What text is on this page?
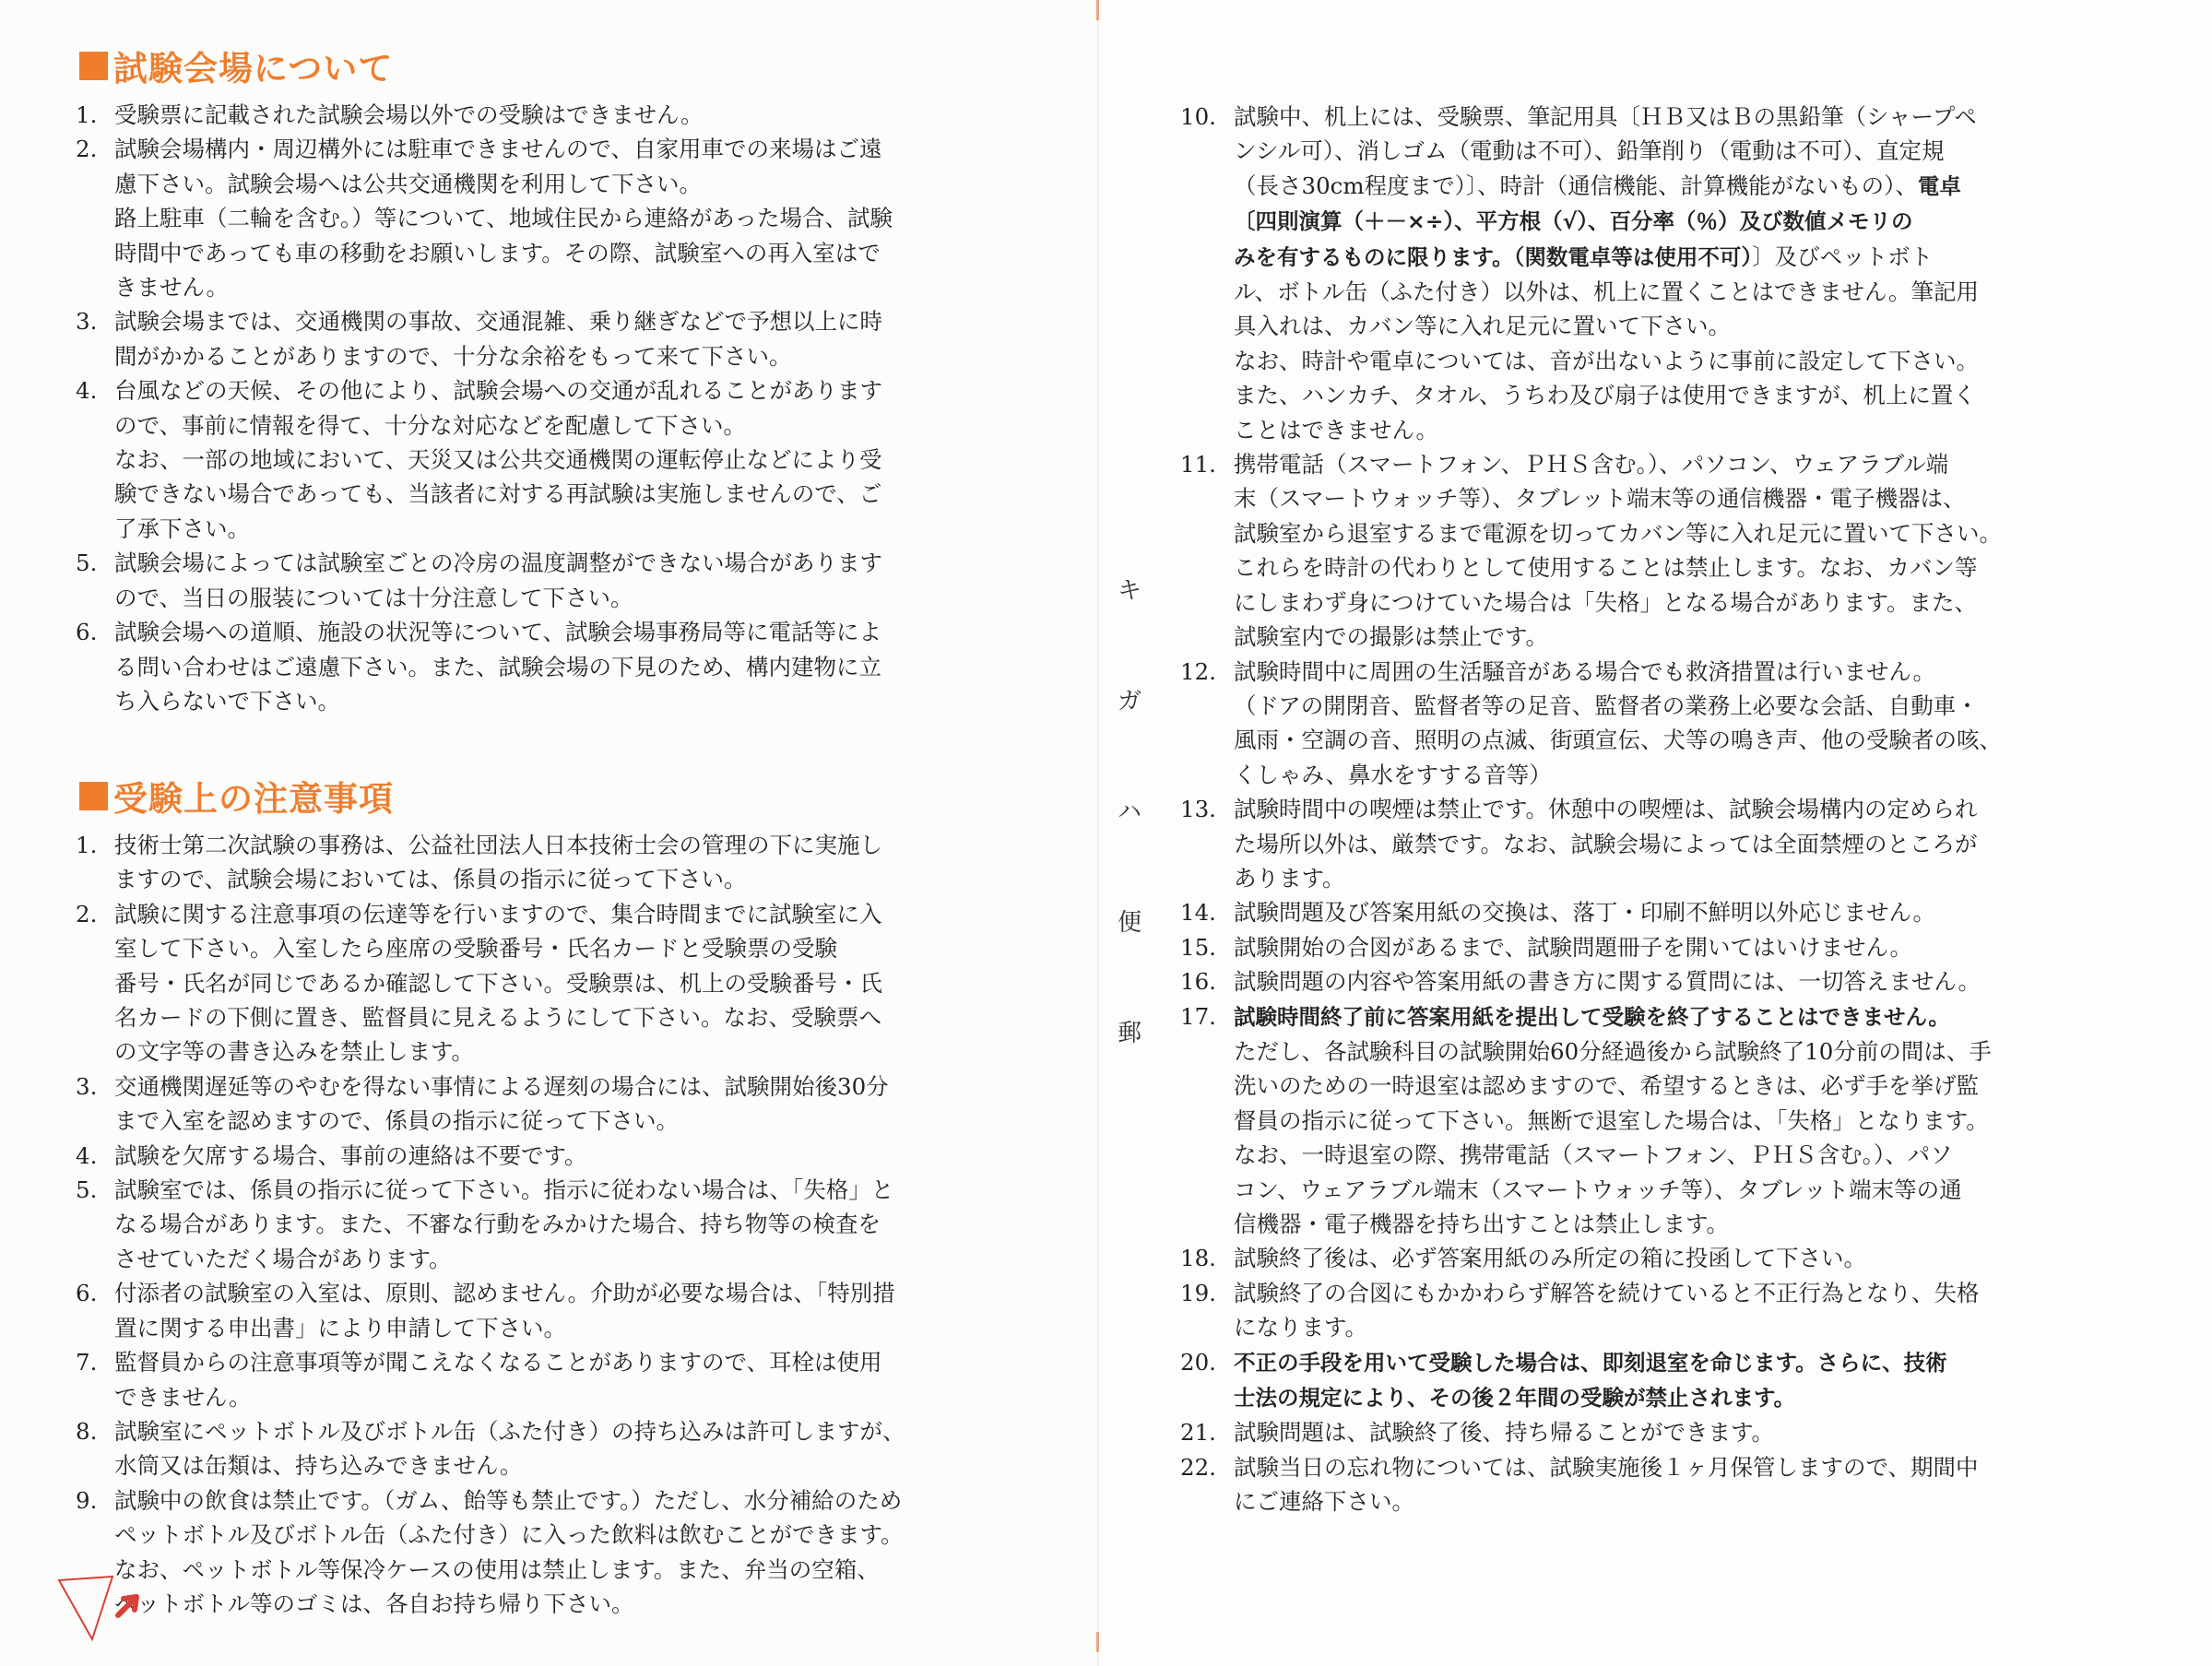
試験会場について
1. 受験票に記載された試験会場以外での受験はできません。
2. 試験会場構内・周辺構外には駐車できませんので、自家用車での来場はご遠
慮下さい。試験会場へは公共交通機関を利用して下さい。
路上駐車（二輪を含む。）等について、地域住民から連絡があった場合、試験
時間中であっても車の移動をお願いします。その際、試験室への再入室はで
きません。
3. 試験会場までは、交通機関の事故、交通混雑、乗り継ぎなどで予想以上に時
間がかかることがありますので、十分な余裕をもって来て下さい。
4. 台風などの天候、その他により、試験会場への交通が乱れることがあります
ので、事前に情報を得て、十分な対応などを配慮して下さい。
なお、一部の地域において、天災又は公共交通機関の運転停止などにより受
験できない場合であっても、当該者に対する再試験は実施しませんので、ご
了承下さい。
5. 試験会場によっては試験室ごとの冷房の温度調整ができない場合があります
ので、当日の服装については十分注意して下さい。
6. 試験会場への道順、施設の状況等について、試験会場事務局等に電話等によ
る問い合わせはご遠慮下さい。また、試験会場の下見のため、構内建物に立
ち入らないで下さい。
受験上の注意事項
1. 技術士第二次試験の事務は、公益社団法人日本技術士会の管理の下に実施し
ますので、試験会場においては、係員の指示に従って下さい。
2. 試験に関する注意事項の伝達等を行いますので、集合時間までに試験室に入
室して下さい。入室したら座席の受験番号・氏名カードと受験票の受験
番号・氏名が同じであるか確認して下さい。受験票は、机上の受験番号・氏
名カードの下側に置き、監督員に見えるようにして下さい。なお、受験票へ
の文字等の書き込みを禁止します。
3. 交通機関遅延等のやむを得ない事情による遅刻の場合には、試験開始後30分
まで入室を認めますので、係員の指示に従って下さい。
4. 試験を欠席する場合、事前の連絡は不要です。
5. 試験室では、係員の指示に従って下さい。指示に従わない場合は、「失格」と
なる場合があります。また、不審な行動をみかけた場合、持ち物等の検査を
させていただく場合があります。
6. 付添者の試験室の入室は、原則、認めません。介助が必要な場合は、「特別措
置に関する申出書」により申請して下さい。
7. 監督員からの注意事項等が聞こえなくなることがありますので、耳栓は使用
できません。
8. 試験室にペットボトル及びボトル缶（ふた付き）の持ち込みは許可しますが、
水筒又は缶類は、持ち込みできません。
9. 試験中の飲食は禁止です。（ガム、飴等も禁止です。）ただし、水分補給のため
ペットボトル及びボトル缶（ふた付き）に入った飲料は飲むことができます。
なお、ペットボトル等保冷ケースの使用は禁止します。また、弁当の空箱、
ペットボトル等のゴミは、各自お持ち帰り下さい。
キ
ガ
ハ
便
郵
10. 試験中、机上には、受験票、筆記用具〔ＨＢ又はＢの黒鉛筆（シャープペ
ンシル可）、消しゴム（電動は不可）、鉛筆削り（電動は不可）、直定規
（長さ30cm程度まで）〕、時計（通信機能、計算機能がないもの）、電卓
〔四則演算（＋－×÷）、平方根（√）、百分率（％）及び数値メモリの
みを有するものに限ります。（関数電卓等は使用不可）〕及びペットボト
ル、ボトル缶（ふた付き）以外は、机上に置くことはできません。筆記用
具入れは、カバン等に入れ足元に置いて下さい。
なお、時計や電卓については、音が出ないように事前に設定して下さい。
また、ハンカチ、タオル、うちわ及び扇子は使用できますが、机上に置く
ことはできません。
11. 携帯電話（スマートフォン、ＰＨＳ含む。）、パソコン、ウェアラブル端
末（スマートウォッチ等）、タブレット端末等の通信機器・電子機器は、
試験室から退室するまで電源を切ってカバン等に入れ足元に置いて下さい。
これらを時計の代わりとして使用することは禁止します。なお、カバン等
にしまわず身につけていた場合は「失格」となる場合があります。また、
試験室内での撮影は禁止です。
12. 試験時間中に周囲の生活騒音がある場合でも救済措置は行いません。
（ドアの開閉音、監督者等の足音、監督者の業務上必要な会話、自動車・
風雨・空調の音、照明の点滅、街頭宣伝、犬等の鳴き声、他の受験者の咳、
くしゃみ、鼻水をすする音等）
13. 試験時間中の喫煙は禁止です。休憩中の喫煙は、試験会場構内の定められ
た場所以外は、厳禁です。なお、試験会場によっては全面禁煙のところが
あります。
14. 試験問題及び答案用紙の交換は、落丁・印刷不鮮明以外応じません。
15. 試験開始の合図があるまで、試験問題冊子を開いてはいけません。
16. 試験問題の内容や答案用紙の書き方に関する質問には、一切答えません。
17. 試験時間終了前に答案用紙を提出して受験を終了することはできません。
ただし、各試験科目の試験開始60分経過後から試験終了10分前の間は、手
洗いのための一時退室は認めますので、希望するときは、必ず手を挙げ監
督員の指示に従って下さい。無断で退室した場合は、「失格」となります。
なお、一時退室の際、携帯電話（スマートフォン、ＰＨＳ含む。）、パソ
コン、ウェアラブル端末（スマートウォッチ等）、タブレット端末等の通
信機器・電子機器を持ち出すことは禁止します。
18. 試験終了後は、必ず答案用紙のみ所定の箱に投函して下さい。
19. 試験終了の合図にもかかわらず解答を続けていると不正行為となり、失格
になります。
20. 不正の手段を用いて受験した場合は、即刻退室を命じます。さらに、技術
士法の規定により、その後２年間の受験が禁止されます。
21. 試験問題は、試験終了後、持ち帰ることができます。
22. 試験当日の忘れ物については、試験実施後１ヶ月保管しますので、期間中
にご連絡下さい。
